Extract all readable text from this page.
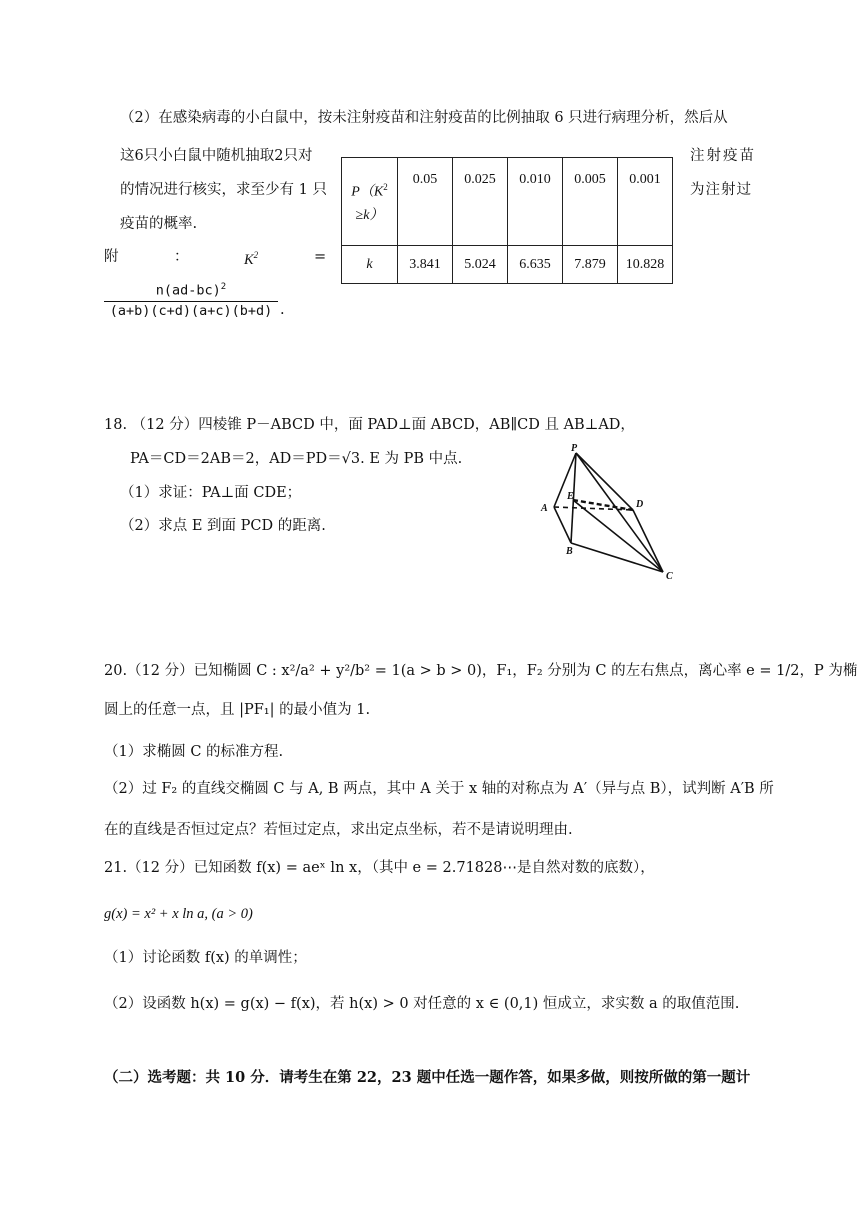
（2）在感染病毒的小白鼠中，按未注射疫苗和注射疫苗的比例抽取 6 只进行病理分析，然后从
这6只小白鼠中随机抽取2只对	注射疫苗
的情况进行核实，求至少有 1 只	为注射过
疫苗的概率.
附	：	$K^2$	=
$\frac{n(ad-bc)^2}{(a+b)(c+d)(a+c)(b+d)}$ .
$P(K^2$
≥k）	0.05	0.025	0.010	0.005	0.001
k	3.841	5.024	6.635	7.879	10.828
18. （12 分）四棱锥 P－ABCD 中，面 PAD⊥面 ABCD，AB∥CD 且 AB⊥AD，
PA＝CD＝2AB＝2，AD＝PD＝√3. E 为 PB 中点.
（1）求证：PA⊥面 CDE；
（2）求点 E 到面 PCD 的距离.
P
A
B
C
D
E
20.（12 分）已知椭圆 C : x²/a² + y²/b² = 1(a > b > 0)，F₁，F₂ 分别为 C 的左右焦点，离心率 e = 1/2，P 为椭
圆上的任意一点，且 |PF₁| 的最小值为 1.
（1）求椭圆 C 的标准方程.
（2）过 F₂ 的直线交椭圆 C 与 A, B 两点，其中 A 关于 x 轴的对称点为 A′（异与点 B），试判断 A′B 所
在的直线是否恒过定点？若恒过定点，求出定点坐标，若不是请说明理由.
21.（12 分）已知函数 f(x) = aeˣ ln x，（其中 e = 2.71828⋯是自然对数的底数），
g(x) = x² + x ln a, (a > 0)
（1）讨论函数 f(x) 的单调性；
（2）设函数 h(x) = g(x) − f(x)，若 h(x) > 0 对任意的 x ∈ (0,1) 恒成立，求实数 a 的取值范围.
（二）选考题：共 10 分．请考生在第 22，23 题中任选一题作答，如果多做，则按所做的第一题计
